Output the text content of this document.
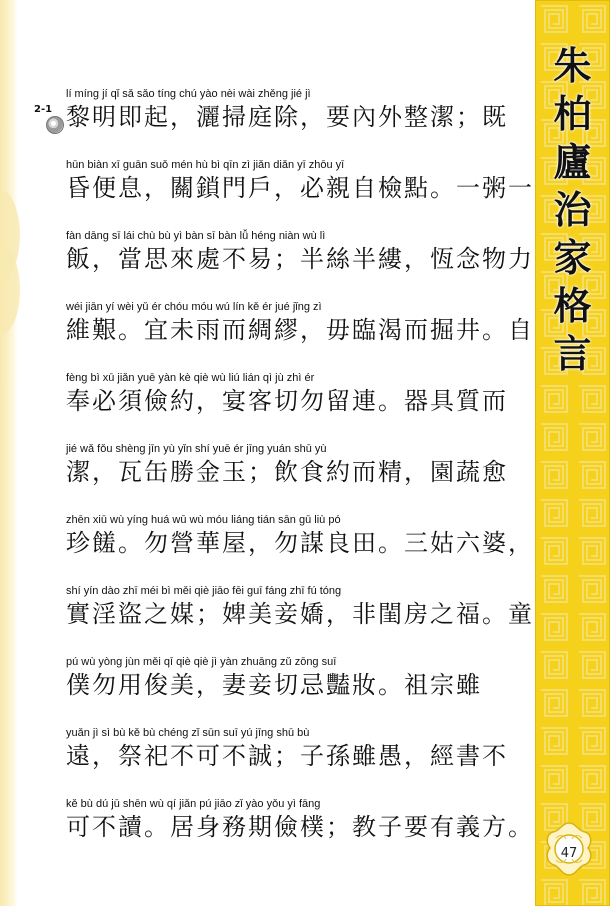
2-1
lí míng jí qǐ sǎ sǎo tíng chú yào nèi wài zhěng jié jì
黎明即起，灑掃庭除，要內外整潔；既
hūn biàn xī guān suǒ mén hù bì qīn zì jiǎn diǎn yī zhōu yī
昏便息，關鎖門戶，必親自檢點。一粥一
fàn dāng sī lái chù bù yì bàn sī bàn lǚ héng niàn wù lì
飯，當思來處不易；半絲半縷，恆念物力
wéi jiān yí wèi yǔ ér chóu móu wú lín kě ér jué jǐng zì
維艱。宜未雨而綢繆，毋臨渴而掘井。自
fèng bì xū jiǎn yuē yàn kè qiè wù liú lián qì jù zhì ér
奉必須儉約，宴客切勿留連。器具質而
jié wǎ fǒu shèng jīn yù yǐn shí yuē ér jīng yuán shū yù
潔，瓦缶勝金玉；飲食約而精，園蔬愈
zhēn xiū wù yíng huá wū wù móu liáng tián sān gū liù pó
珍饈。勿營華屋，勿謀良田。三姑六婆，
shí yín dào zhī méi bì měi qiè jiāo fēi guī fáng zhī fú tóng
實淫盜之媒；婢美妾嬌，非閨房之福。童
pú wù yòng jùn měi qī qiè qiè jì yàn zhuāng zǔ zōng suī
僕勿用俊美，妻妾切忌豔妝。祖宗雖
yuǎn jì sì bù kě bù chéng zǐ sūn suī yú jīng shū bù
遠，祭祀不可不誠；子孫雖愚，經書不
kě bù dú jū shēn wù qí jiǎn pú jiāo zǐ yào yǒu yì fāng
可不讀。居身務期儉樸；教子要有義方。
朱
柏
廬
治
家
格
言
47
